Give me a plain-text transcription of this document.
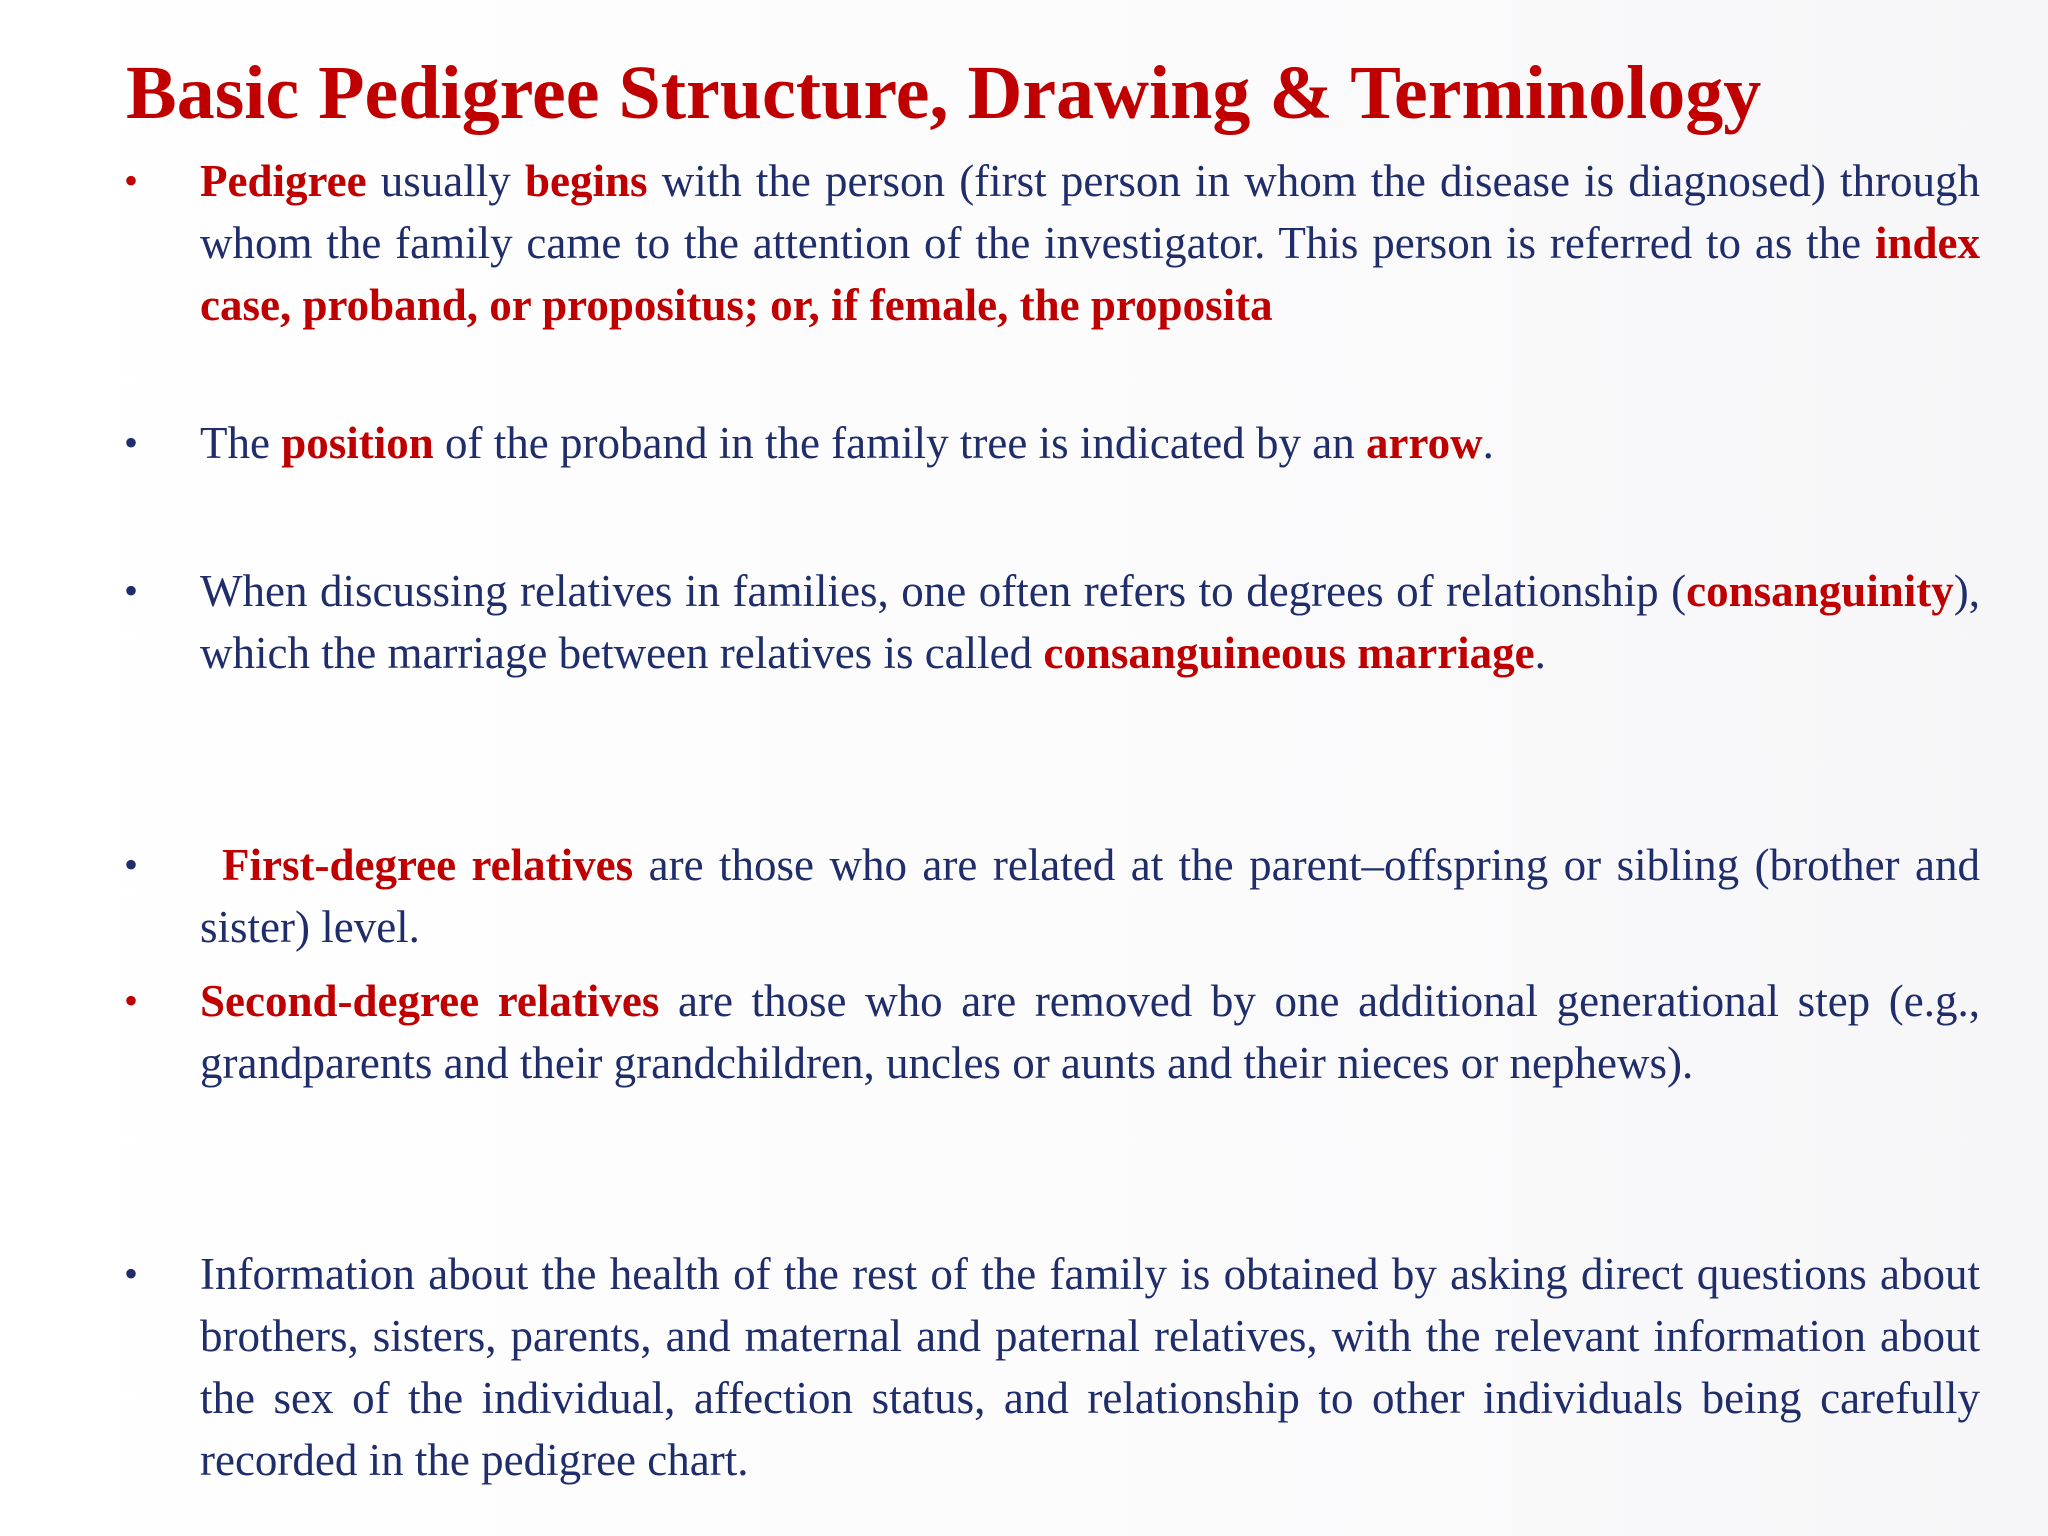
Basic Pedigree Structure, Drawing & Terminology
• Pedigree usually begins with the person (first person in whom the disease is diagnosed) through whom the family came to the attention of the investigator. This person is referred to as the index case, proband, or propositus; or, if female, the proposita
• The position of the proband in the family tree is indicated by an arrow.
• When discussing relatives in families, one often refers to degrees of relationship (consanguinity), which the marriage between relatives is called consanguineous marriage.
• First-degree relatives are those who are related at the parent–offspring or sibling (brother and sister) level.
• Second-degree relatives are those who are removed by one additional generational step (e.g., grandparents and their grandchildren, uncles or aunts and their nieces or nephews).
• Information about the health of the rest of the family is obtained by asking direct questions about brothers, sisters, parents, and maternal and paternal relatives, with the relevant information about the sex of the individual, affection status, and relationship to other individuals being carefully recorded in the pedigree chart.
